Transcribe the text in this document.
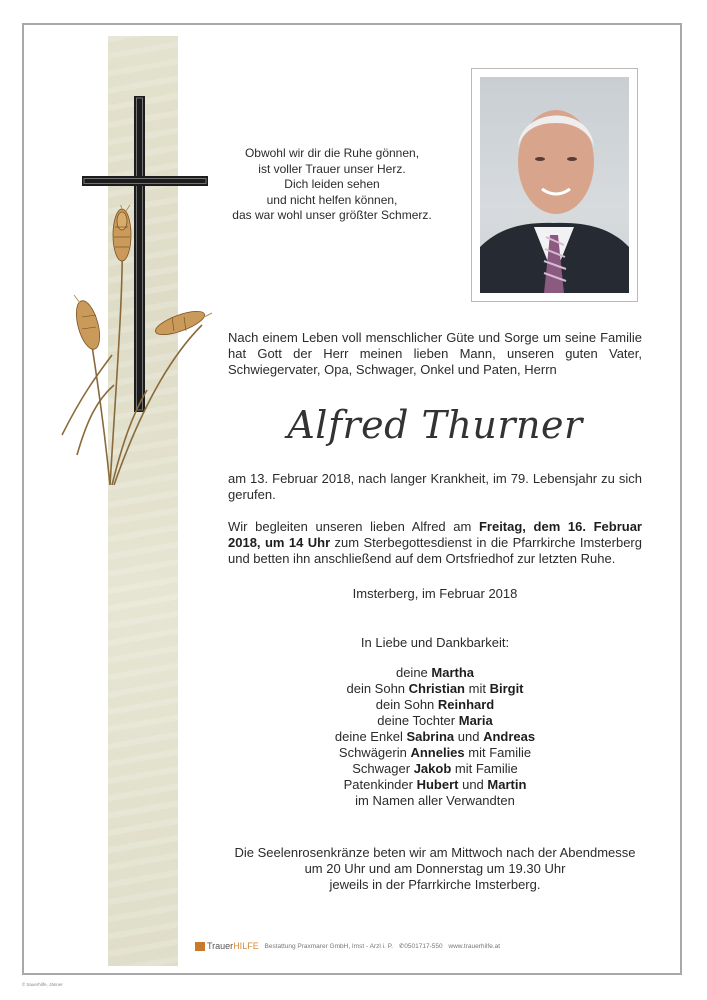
Obwohl wir dir die Ruhe gönnen,
ist voller Trauer unser Herz.
Dich leiden sehen
und nicht helfen können,
das war wohl unser größter Schmerz.
Nach einem Leben voll menschlicher Güte und Sorge um seine Familie hat Gott der Herr meinen lieben Mann, unseren guten Vater, Schwiegervater, Opa, Schwager, Onkel und Paten, Herrn
Alfred Thurner
am 13. Februar 2018, nach langer Krankheit, im 79. Lebensjahr zu sich gerufen.
Wir begleiten unseren lieben Alfred am Freitag, dem 16. Februar 2018, um 14 Uhr zum Sterbegottesdienst in die Pfarrkirche Imsterberg und betten ihn anschließend auf dem Ortsfriedhof zur letzten Ruhe.
Imsterberg, im Februar 2018
In Liebe und Dankbarkeit:
deine Martha
dein Sohn Christian mit Birgit
dein Sohn Reinhard
deine Tochter Maria
deine Enkel Sabrina und Andreas
Schwägerin Annelies mit Familie
Schwager Jakob mit Familie
Patenkinder Hubert und Martin
im Namen aller Verwandten
Die Seelenrosenkränze beten wir am Mittwoch nach der Abendmesse
um 20 Uhr und am Donnerstag um 19.30 Uhr
jeweils in der Pfarrkirche Imsterberg.
TrauerHILFE Bestattung Praxmarer GmbH, Imst - Arzl i. P. ✆0501717-550 www.trauerhilfe.at
© trauerhilfe, Jänner
